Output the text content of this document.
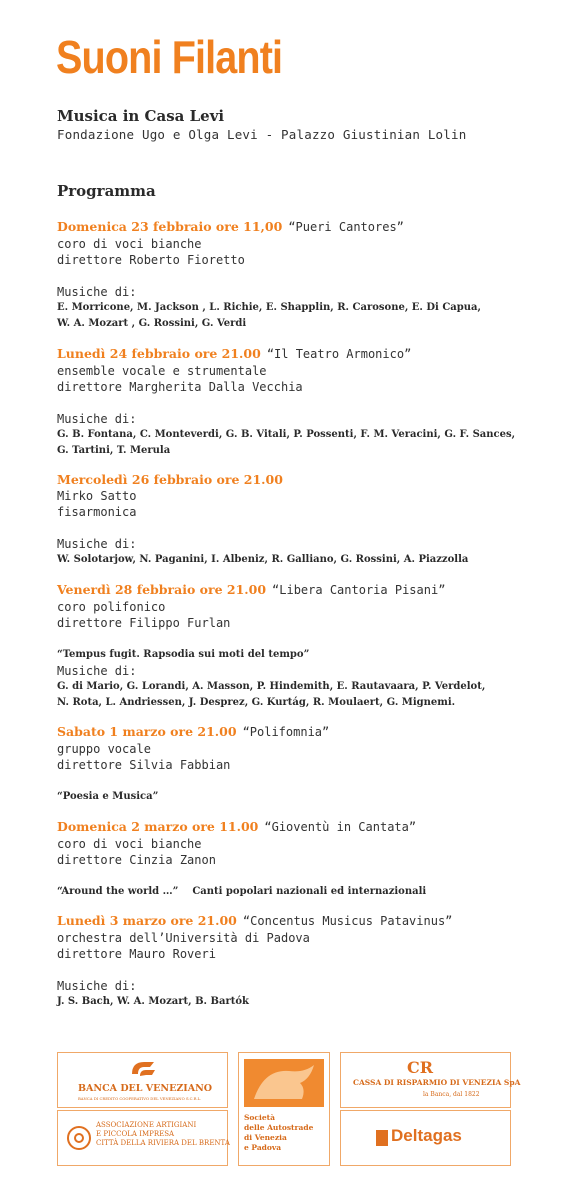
Suoni Filanti
Musica in Casa Levi
Fondazione Ugo e Olga Levi - Palazzo Giustinian Lolin
Programma
Domenica 23 febbraio ore 11,00 “Pueri Cantores”
coro di voci bianche
direttore Roberto Fioretto
Musiche di:
E. Morricone, M. Jackson , L. Richie, E. Shapplin, R. Carosone, E. Di Capua,
W. A. Mozart , G. Rossini, G. Verdi
Lunedì 24 febbraio ore 21.00 “Il Teatro Armonico”
ensemble vocale e strumentale
direttore Margherita Dalla Vecchia
Musiche di:
G. B. Fontana, C. Monteverdi, G. B. Vitali, P. Possenti, F. M. Veracini, G. F. Sances,
G. Tartini, T. Merula
Mercoledì 26 febbraio ore 21.00
Mirko Satto
fisarmonica
Musiche di:
W. Solotarjow, N. Paganini, I. Albeniz, R. Galliano, G. Rossini, A. Piazzolla
Venerdì 28 febbraio ore 21.00 “Libera Cantoria Pisani”
coro polifonico
direttore Filippo Furlan
“Tempus fugit. Rapsodia sui moti del tempo”
Musiche di:
G. di Mario, G. Lorandi, A. Masson, P. Hindemith, E. Rautavaara, P. Verdelot,
N. Rota, L. Andriessen, J. Desprez, G. Kurtág, R. Moulaert, G. Mignemi.
Sabato 1 marzo ore 21.00 “Polifomnia”
gruppo vocale
direttore Silvia Fabbian
“Poesia e Musica”
Domenica 2 marzo ore 11.00 “Gioventù in Cantata”
coro di voci bianche
direttore Cinzia Zanon
“Around the world …”    Canti popolari nazionali ed internazionali
Lunedì 3 marzo ore 21.00 “Concentus Musicus Patavinus”
orchestra dell’Università di Padova
direttore Mauro Roveri
Musiche di:
J. S. Bach, W. A. Mozart, B. Bartók
BANCA DEL VENEZIANO
BANCA DI CREDITO COOPERATIVO DEL VENEZIANO S.C.R.L.
ASSOCIAZIONE ARTIGIANI
E PICCOLA IMPRESA
CITTÀ DELLA RIVIERA DEL BRENTA
Società
delle Autostrade
di Venezia
e Padova
CR
CASSA DI RISPARMIO DI VENEZIA SpA
la Banca, dal 1822
Deltagas
